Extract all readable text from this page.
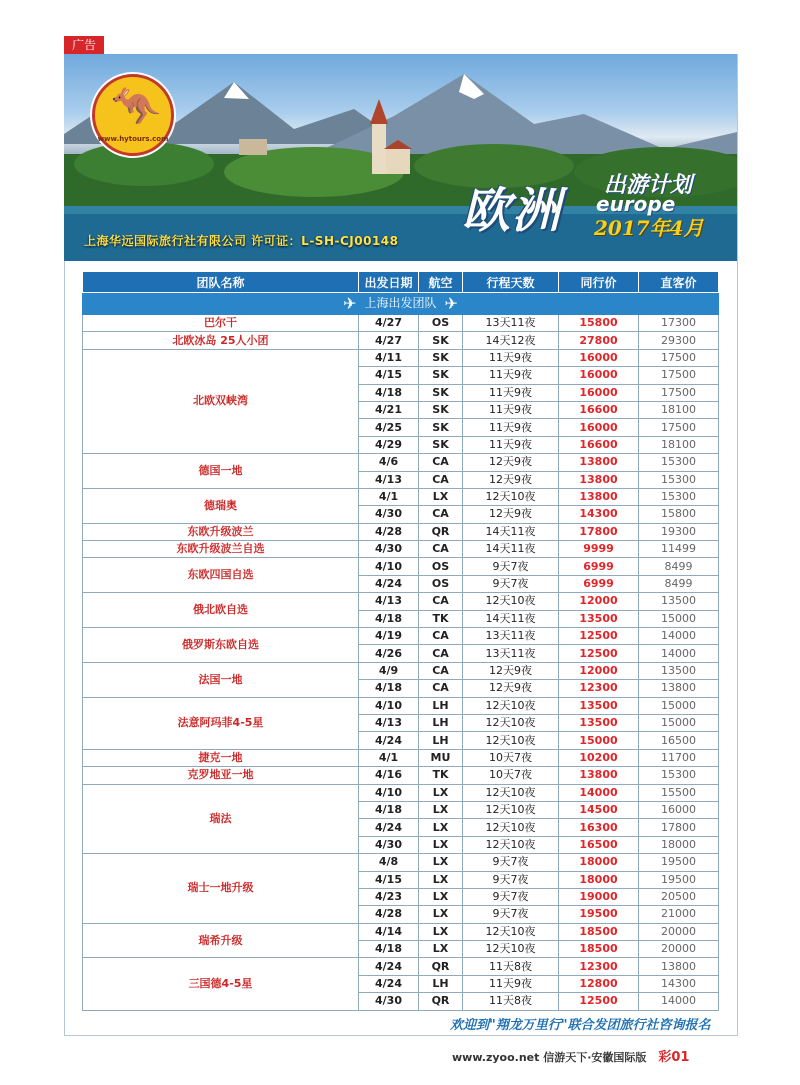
广告
🦘
www.hytours.com
上海华远国际旅行社有限公司 许可证：L-SH-CJ00148
欧洲 出游计划
europe
2017年4月
团队名称	出发日期	航空	行程天数	同行价	直客价
✈ 上海出发团队 ✈					
巴尔干	4/27	OS	13天11夜	15800	17300
北欧冰岛 25人小团	4/27	SK	14天12夜	27800	29300
北欧双峡湾	4/11	SK	11天9夜	16000	17500
	4/15	SK	11天9夜	16000	17500
	4/18	SK	11天9夜	16000	17500
	4/21	SK	11天9夜	16600	18100
	4/25	SK	11天9夜	16000	17500
	4/29	SK	11天9夜	16600	18100
德国一地	4/6	CA	12天9夜	13800	15300
	4/13	CA	12天9夜	13800	15300
德瑞奥	4/1	LX	12天10夜	13800	15300
	4/30	CA	12天9夜	14300	15800
东欧升级波兰	4/28	QR	14天11夜	17800	19300
东欧升级波兰自选	4/30	CA	14天11夜	9999	11499
东欧四国自选	4/10	OS	9天7夜	6999	8499
	4/24	OS	9天7夜	6999	8499
俄北欧自选	4/13	CA	12天10夜	12000	13500
	4/18	TK	14天11夜	13500	15000
俄罗斯东欧自选	4/19	CA	13天11夜	12500	14000
	4/26	CA	13天11夜	12500	14000
法国一地	4/9	CA	12天9夜	12000	13500
	4/18	CA	12天9夜	12300	13800
法意阿玛菲4-5星	4/10	LH	12天10夜	13500	15000
	4/13	LH	12天10夜	13500	15000
	4/24	LH	12天10夜	15000	16500
捷克一地	4/1	MU	10天7夜	10200	11700
克罗地亚一地	4/16	TK	10天7夜	13800	15300
瑞法	4/10	LX	12天10夜	14000	15500
	4/18	LX	12天10夜	14500	16000
	4/24	LX	12天10夜	16300	17800
	4/30	LX	12天10夜	16500	18000
瑞士一地升级	4/8	LX	9天7夜	18000	19500
	4/15	LX	9天7夜	18000	19500
	4/23	LX	9天7夜	19000	20500
	4/28	LX	9天7夜	19500	21000
瑞希升级	4/14	LX	12天10夜	18500	20000
	4/18	LX	12天10夜	18500	20000
三国德4-5星	4/24	QR	11天8夜	12300	13800
	4/24	LH	11天9夜	12800	14300
	4/30	QR	11天8夜	12500	14000
欢迎到"翔龙万里行"联合发团旅行社咨询报名
www.zyoo.net 信游天下·安徽国际版 彩01
